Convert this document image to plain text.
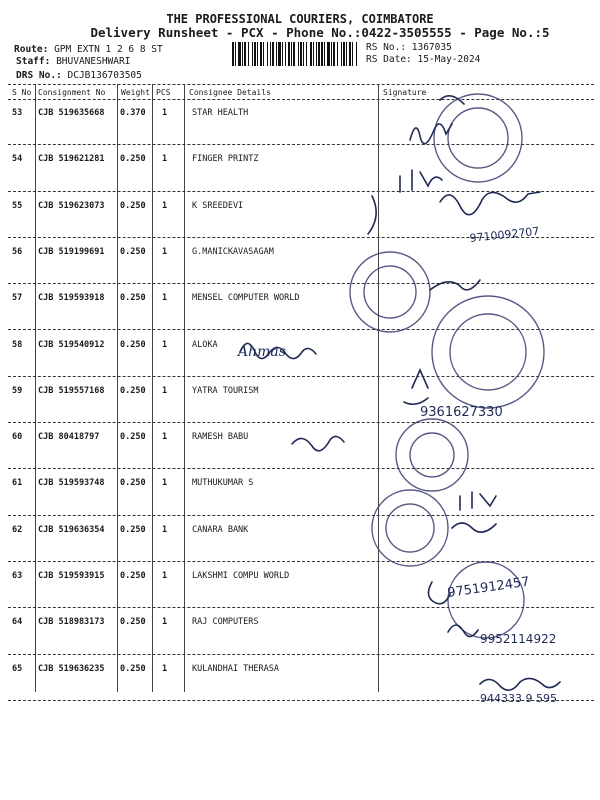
THE PROFESSIONAL COURIERS, COIMBATORE
Delivery Runsheet - PCX - Phone No.:0422-3505555 - Page No.:5
Route: GPM EXTN 1 2 6 8 ST
Staff: BHUVANESHWARI
DRS No.: DCJB136703505
RS No.: 1367035
RS Date: 15-May-2024
S No Consignment No Weight PCS Consignee Details	Signature
53 CJB 519635668 0.370 1	STAR HEALTH
54 CJB 519621281 0.250 1	FINGER PRINTZ
55 CJB 519623073 0.250 1	K SREEDEVI
56 CJB 519199691 0.250 1	G.MANICKAVASAGAM
57 CJB 519593918 0.250 1	MENSEL COMPUTER WORLD
58 CJB 519540912 0.250 1	ALOKA
59 CJB 519557168 0.250 1	YATRA TOURISM
60 CJB 80418797 0.250 1	RAMESH BABU
61 CJB 519593748 0.250 1	MUTHUKUMAR S
62 CJB 519636354 0.250 1	CANARA BANK
63 CJB 519593915 0.250 1	LAKSHMI COMPU WORLD
64 CJB 518983173 0.250 1	RAJ COMPUTERS
65 CJB 519636235 0.250 1	KULANDHAI THERASA
9710092707
9361627330
9751912457
9952114922
944333 9 595
Ahmas
